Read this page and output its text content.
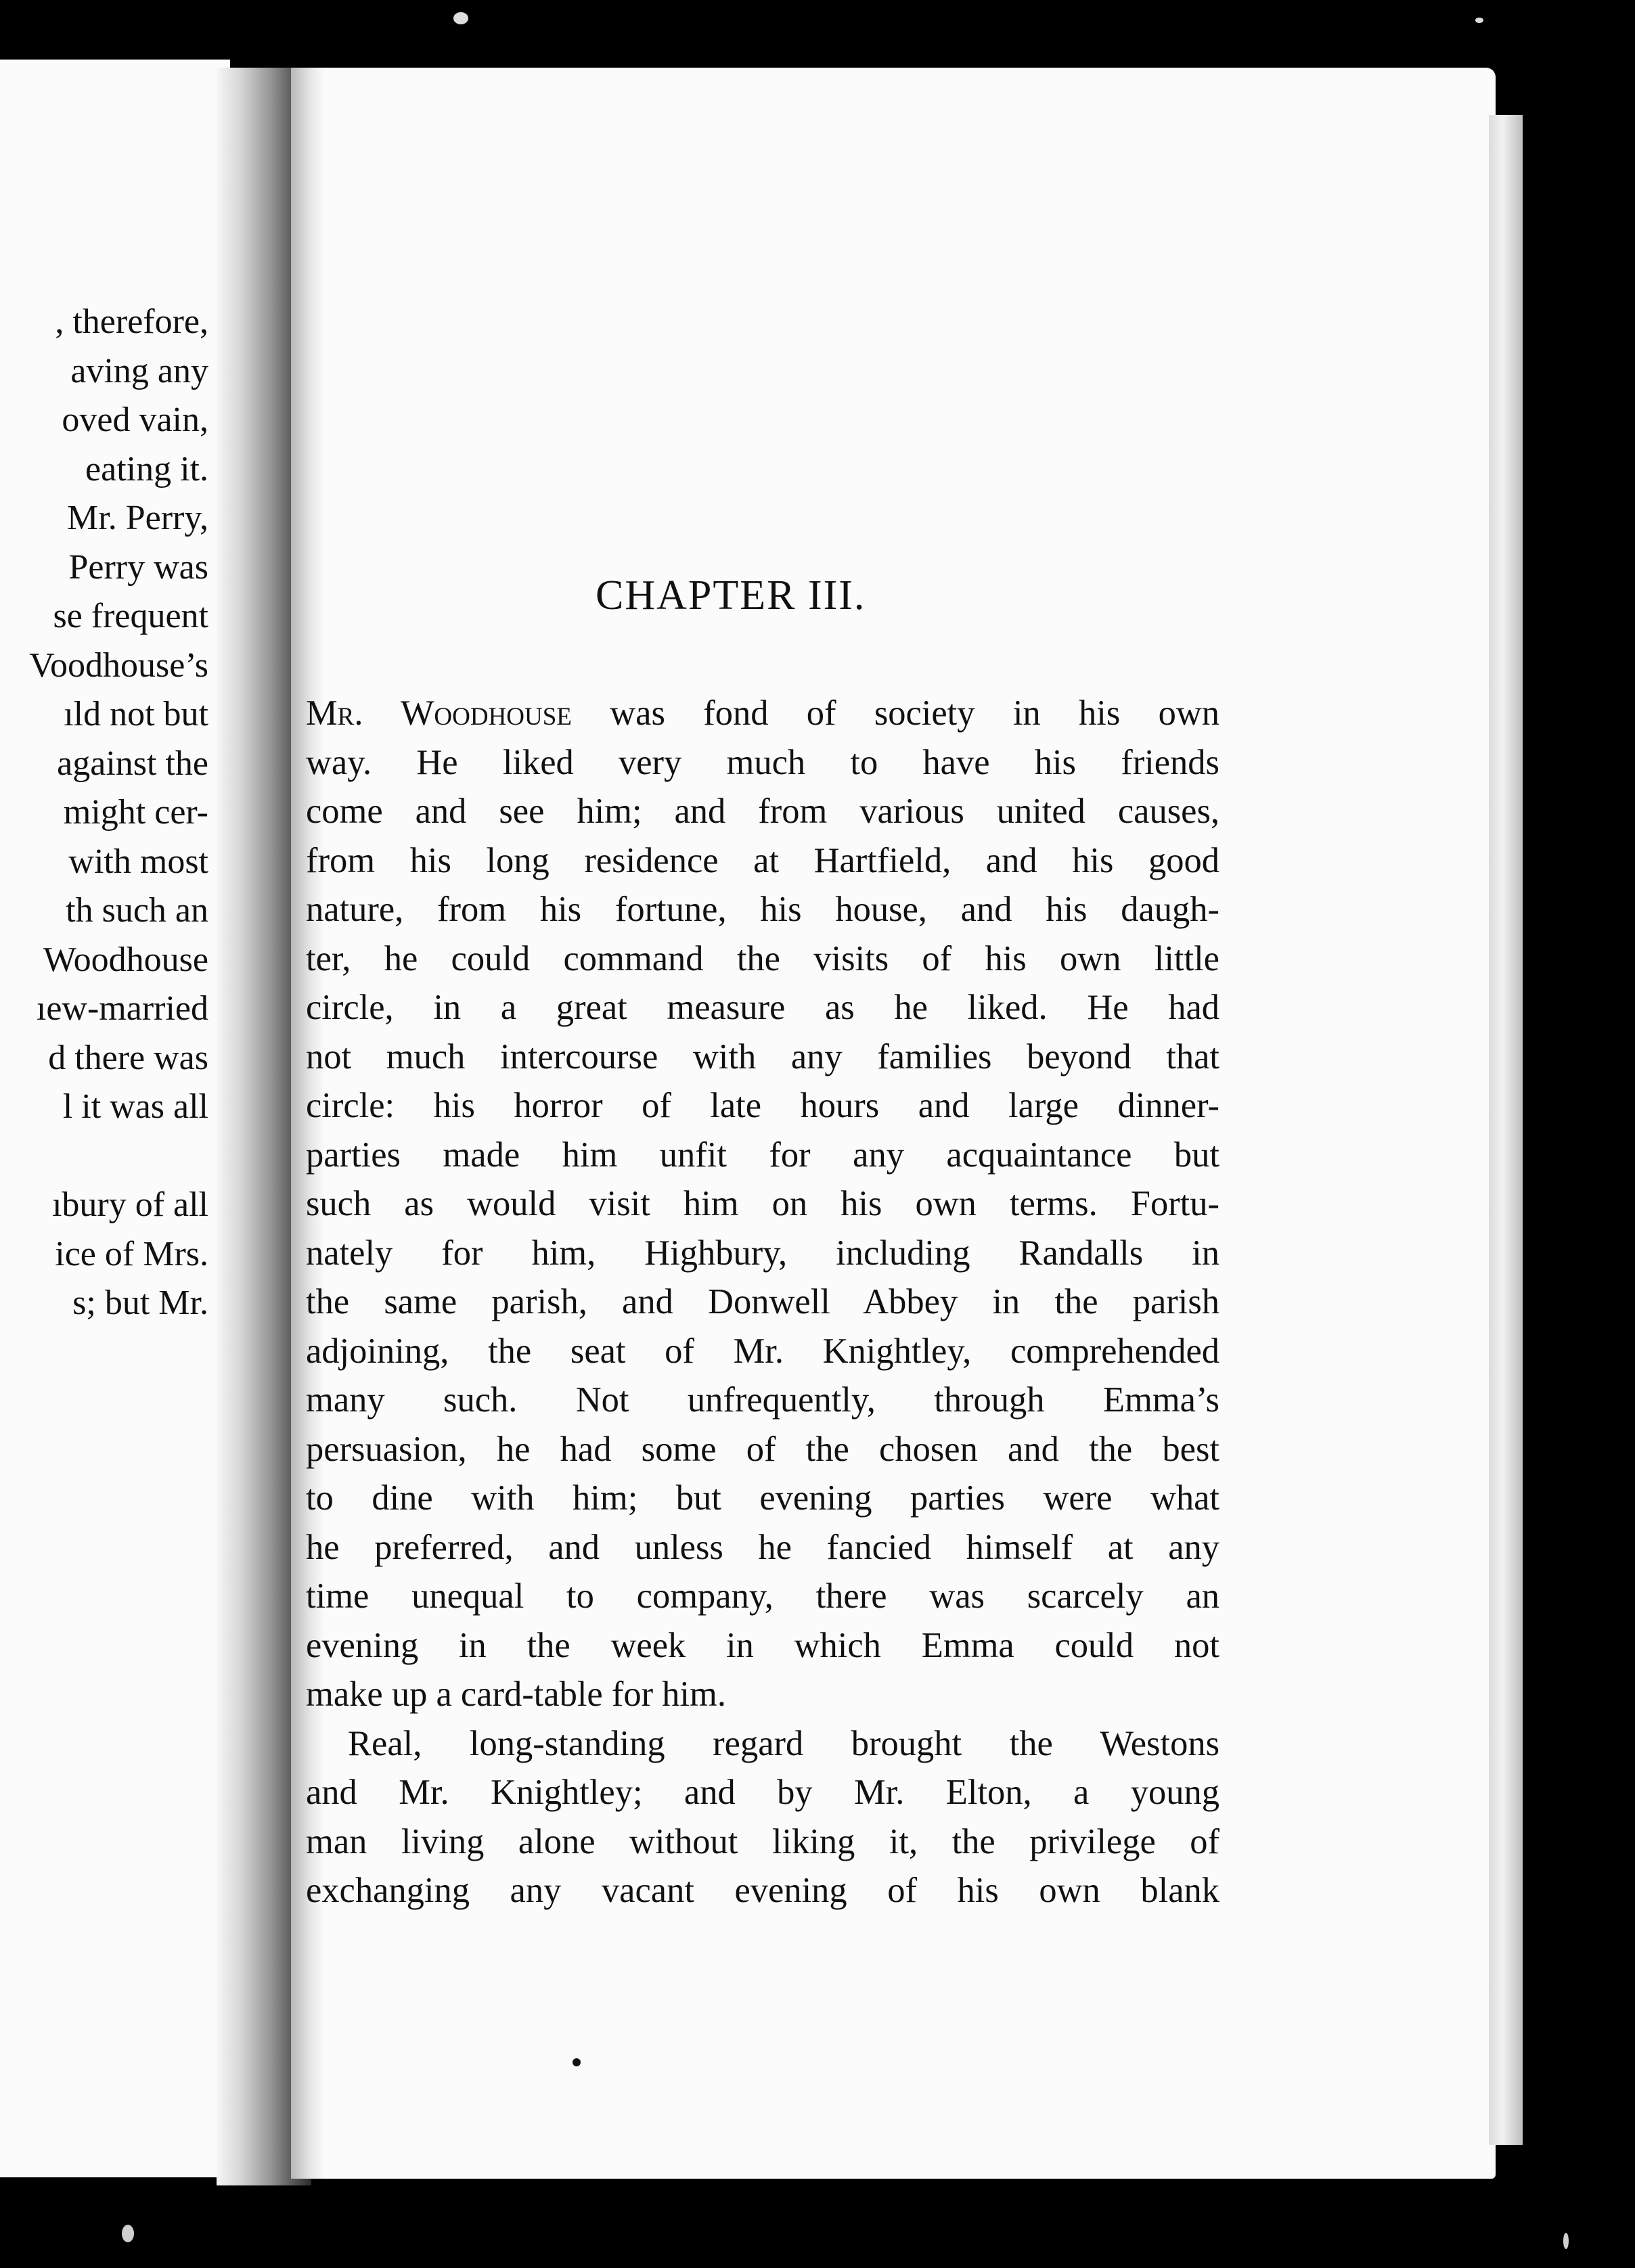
, therefore,
aving any
oved vain,
eating it.
Mr. Perry,
Perry was
se frequent
Voodhouse’s
ıld not but
against the
might cer-
with most
th such an
Woodhouse
ıew-married
d there was
l it was all
ıbury of all
ice of Mrs.
s; but Mr.
CHAPTER III.
Mr. Woodhouse was fond of society in his own
way. He liked very much to have his friends
come and see him; and from various united causes,
from his long residence at Hartfield, and his good
nature, from his fortune, his house, and his daugh-
ter, he could command the visits of his own little
circle, in a great measure as he liked. He had
not much intercourse with any families beyond that
circle: his horror of late hours and large dinner-
parties made him unfit for any acquaintance but
such as would visit him on his own terms. Fortu-
nately for him, Highbury, including Randalls in
the same parish, and Donwell Abbey in the parish
adjoining, the seat of Mr. Knightley, comprehended
many such. Not unfrequently, through Emma’s
persuasion, he had some of the chosen and the best
to dine with him; but evening parties were what
he preferred, and unless he fancied himself at any
time unequal to company, there was scarcely an
evening in the week in which Emma could not
make up a card-table for him.
Real, long-standing regard brought the Westons
and Mr. Knightley; and by Mr. Elton, a young
man living alone without liking it, the privilege of
exchanging any vacant evening of his own blank
